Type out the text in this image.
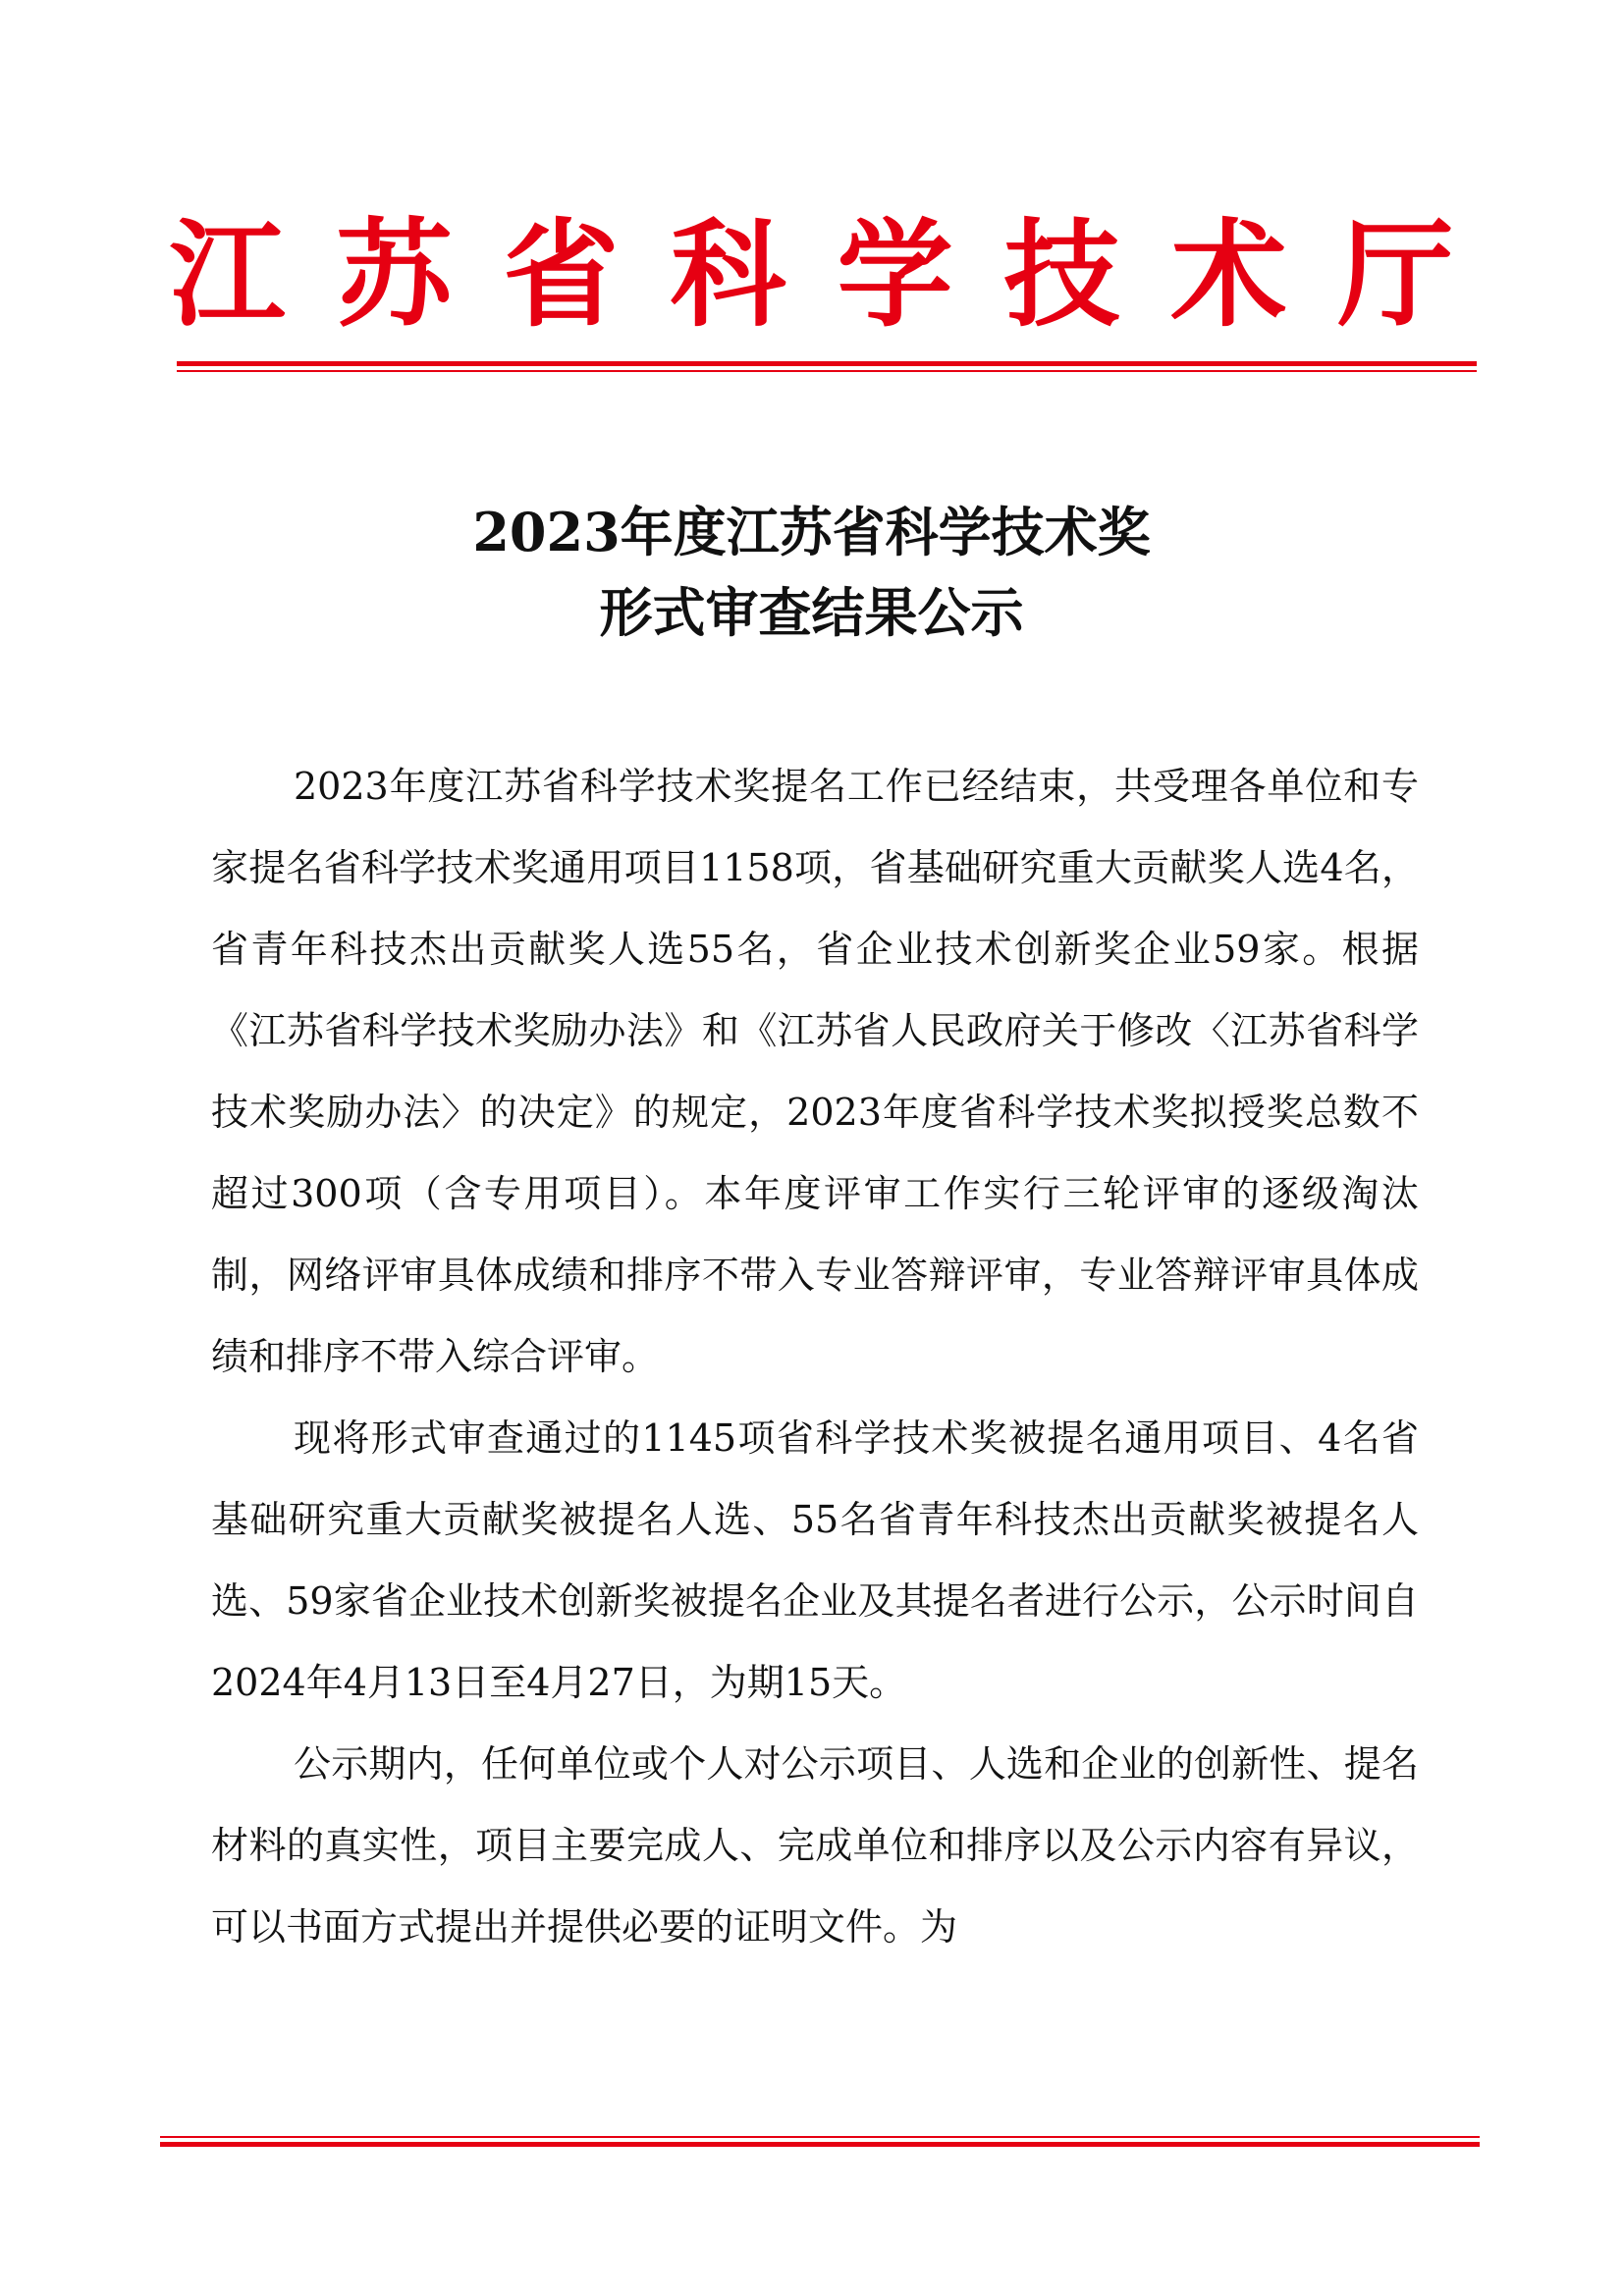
江苏省科学技术厅
2023年度江苏省科学技术奖
形式审查结果公示

2023年度江苏省科学技术奖提名工作已经结束，共受理各单位和专家提名省科学技术奖通用项目1158项，省基础研究重大贡献奖人选4名，省青年科技杰出贡献奖人选55名，省企业技术创新奖企业59家。根据《江苏省科学技术奖励办法》和《江苏省人民政府关于修改〈江苏省科学技术奖励办法〉的决定》的规定，2023年度省科学技术奖拟授奖总数不超过300项（含专用项目）。本年度评审工作实行三轮评审的逐级淘汰制，网络评审具体成绩和排序不带入专业答辩评审，专业答辩评审具体成绩和排序不带入综合评审。

现将形式审查通过的1145项省科学技术奖被提名通用项目、4名省基础研究重大贡献奖被提名人选、55名省青年科技杰出贡献奖被提名人选、59家省企业技术创新奖被提名企业及其提名者进行公示，公示时间自2024年4月13日至4月27日，为期15天。

公示期内，任何单位或个人对公示项目、人选和企业的创新性、提名材料的真实性，项目主要完成人、完成单位和排序以及公示内容有异议，可以书面方式提出并提供必要的证明文件。为
